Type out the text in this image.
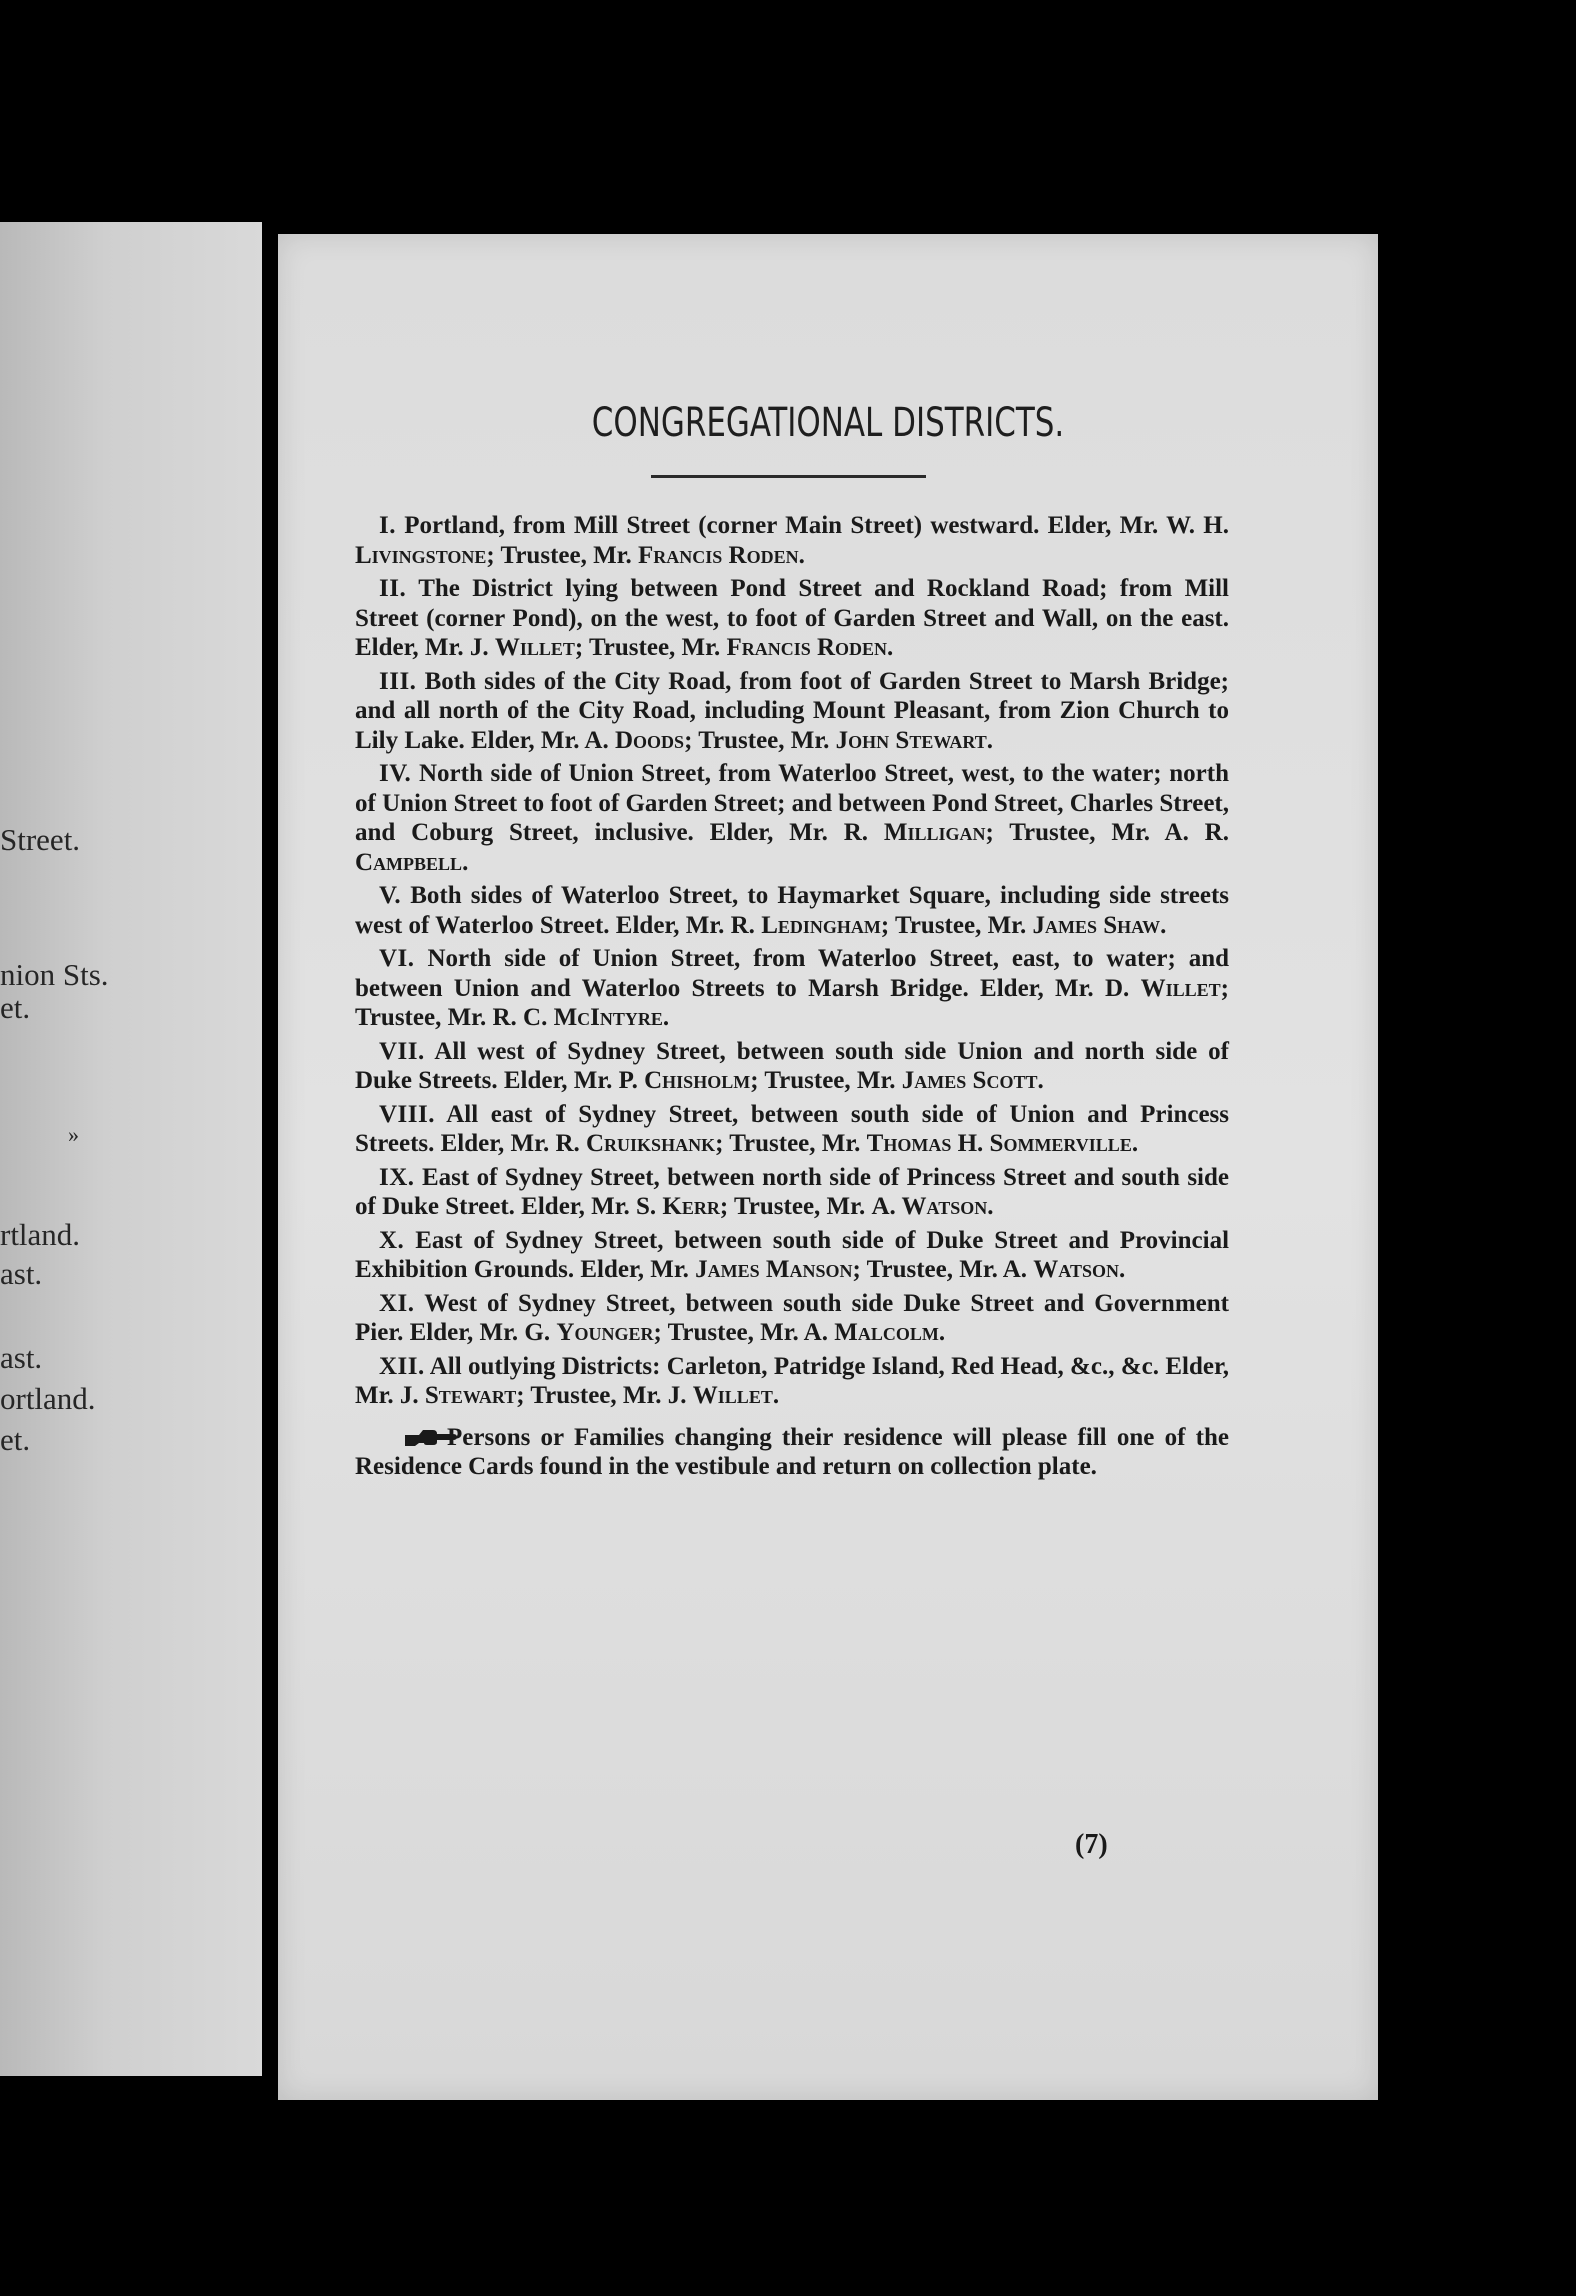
Street.
nion Sts.
et.
»
rtland.
ast.
ast.
ortland.
et.
CONGREGATIONAL DISTRICTS.

I. Portland, from Mill Street (corner Main Street) westward. Elder, Mr. W. H. Livingstone; Trustee, Mr. Francis Roden.

II. The District lying between Pond Street and Rockland Road; from Mill Street (corner Pond), on the west, to foot of Garden Street and Wall, on the east. Elder, Mr. J. Willet; Trustee, Mr. Francis Roden.

III. Both sides of the City Road, from foot of Garden Street to Marsh Bridge; and all north of the City Road, including Mount Pleasant, from Zion Church to Lily Lake. Elder, Mr. A. Doods; Trustee, Mr. John Stewart.

IV. North side of Union Street, from Waterloo Street, west, to the water; north of Union Street to foot of Garden Street; and between Pond Street, Charles Street, and Coburg Street, inclusive. Elder, Mr. R. Milligan; Trustee, Mr. A. R. Campbell.

V. Both sides of Waterloo Street, to Haymarket Square, including side streets west of Waterloo Street. Elder, Mr. R. Ledingham; Trustee, Mr. James Shaw.

VI. North side of Union Street, from Waterloo Street, east, to water; and between Union and Waterloo Streets to Marsh Bridge. Elder, Mr. D. Willet; Trustee, Mr. R. C. McIntyre.

VII. All west of Sydney Street, between south side Union and north side of Duke Streets. Elder, Mr. P. Chisholm; Trustee, Mr. James Scott.

VIII. All east of Sydney Street, between south side of Union and Princess Streets. Elder, Mr. R. Cruikshank; Trustee, Mr. Thomas H. Sommerville.

IX. East of Sydney Street, between north side of Princess Street and south side of Duke Street. Elder, Mr. S. Kerr; Trustee, Mr. A. Watson.

X. East of Sydney Street, between south side of Duke Street and Provincial Exhibition Grounds. Elder, Mr. James Manson; Trustee, Mr. A. Watson.

XI. West of Sydney Street, between south side Duke Street and Government Pier. Elder, Mr. G. Younger; Trustee, Mr. A. Malcolm.

XII. All outlying Districts: Carleton, Patridge Island, Red Head, &c., &c. Elder, Mr. J. Stewart; Trustee, Mr. J. Willet.

Persons or Families changing their residence will please fill one of the Residence Cards found in the vestibule and return on collection plate.

(7)
